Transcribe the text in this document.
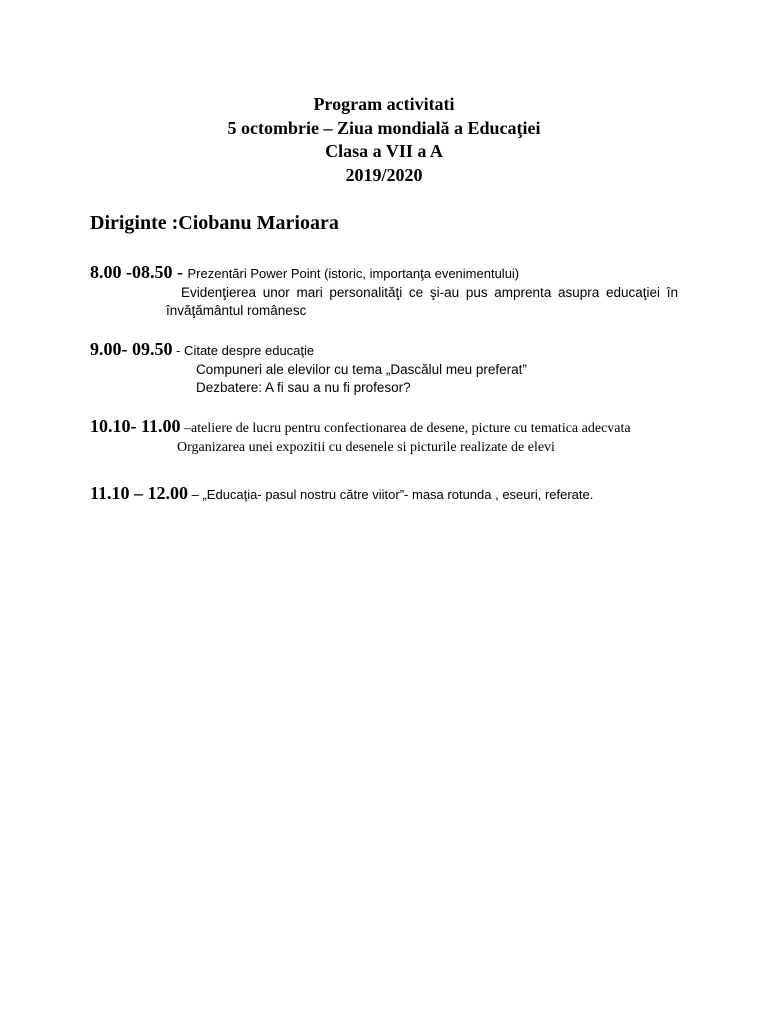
Program activitati
5 octombrie – Ziua mondială a Educaţiei
Clasa a VII a A
2019/2020
Diriginte :Ciobanu Marioara
8.00 -08.50 - Prezentări Power Point (istoric, importanţa evenimentului)
Evidenţierea unor mari personalităţi ce şi-au pus amprenta asupra educaţiei în
învăţământul românesc
9.00- 09.50 - Citate despre educaţie
Compuneri ale elevilor cu tema „Dascălul meu preferat”
Dezbatere: A fi sau a nu fi profesor?
10.10- 11.00 –ateliere de lucru pentru confectionarea de desene, picture cu tematica adecvata
Organizarea unei expozitii cu desenele si picturile realizate de elevi
11.10 – 12.00 – „Educaţia- pasul nostru către viitor”- masa rotunda , eseuri, referate.
